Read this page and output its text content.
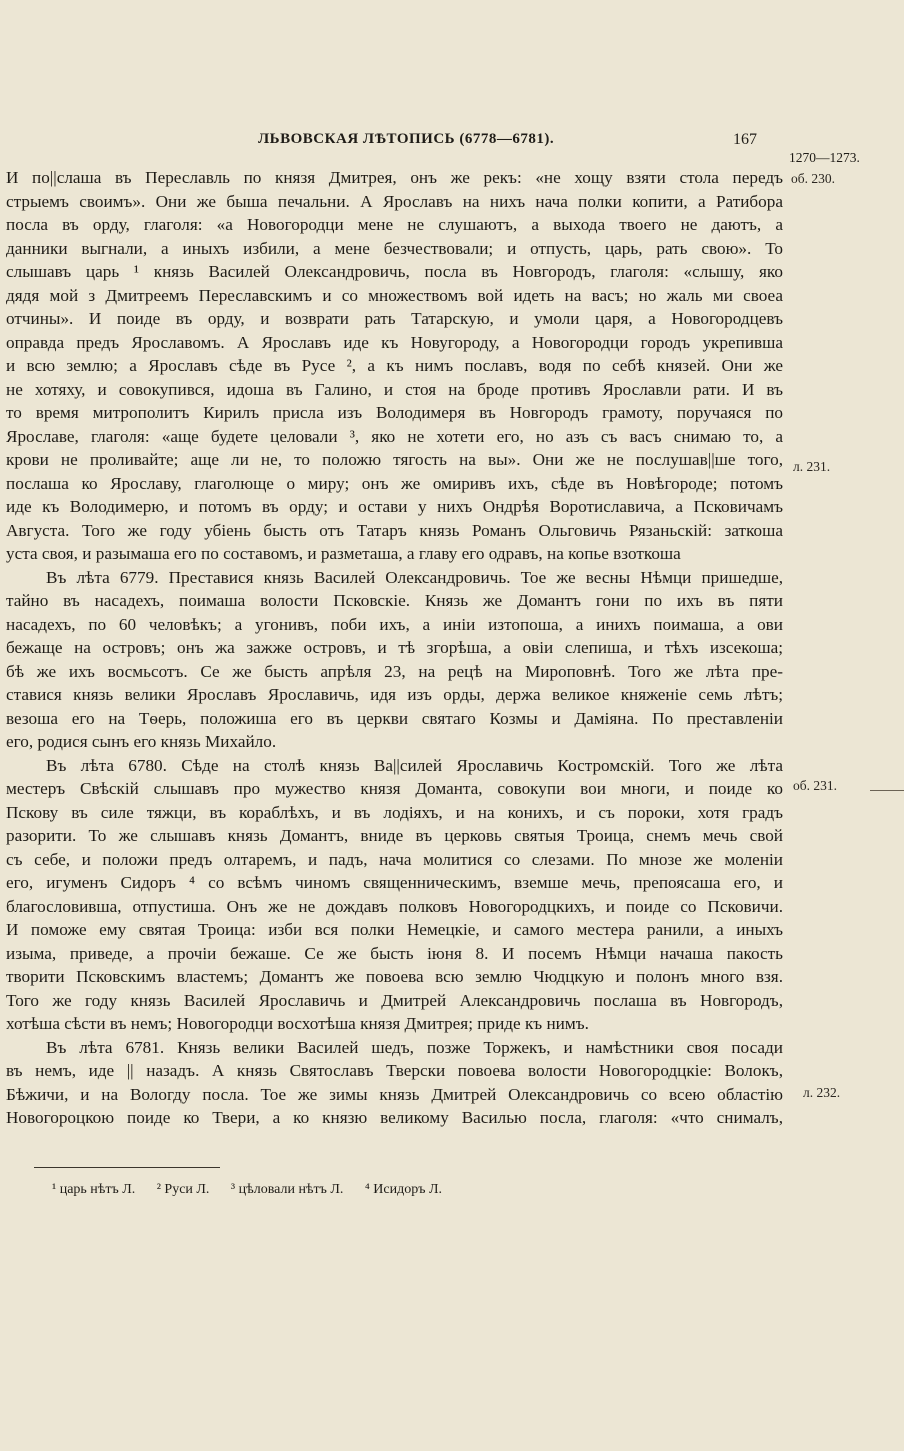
ЛЬВОВСКАЯ ЛѢТОПИСЬ (6778—6781).	167
1270—1273.
об. 230.
л. 231.
об. 231.
л. 232.
И по||слаша въ Переславль по князя Дмитрея, онъ же рекъ: «не хощу взяти стола передъ
стрыемъ своимъ». Они же быша печальни. А Ярославъ на нихъ нача полки копити, а Ратибора
посла въ орду, глаголя: «а Новогородци мене не слушаютъ, а выхода твоего не даютъ, а
данники выгнали, а иныхъ избили, а мене безчествовали; и отпусть, царь, рать свою». То
слышавъ царь ¹ князь Василей Олександровичь, посла въ Новгородъ, глаголя: «слышу, яко
дядя мой з Дмитреемъ Переславскимъ и со множествомъ вой идеть на васъ; но жаль ми своеа
отчины». И поиде въ орду, и возврати рать Татарскую, и умоли царя, а Новогородцевъ
оправда предъ Ярославомъ. А Ярославъ иде къ Новугороду, а Новогородци городъ укрепивша
и всю землю; а Ярославъ сѣде въ Русе ², а къ нимъ пославъ, водя по себѣ князей. Они же
не хотяху, и совокупився, идоша въ Галино, и стоя на броде противъ Ярославли рати. И въ
то время митрополитъ Кирилъ присла изъ Володимеря въ Новгородъ грамоту, поручаяся по
Ярославе, глаголя: «аще будете целовали ³, яко не хотети его, но азъ съ васъ снимаю то, а
крови не проливайте; аще ли не, то положю тягость на вы». Они же не послушав||ше того,
послаша ко Ярославу, глаголюще о миру; онъ же омиривъ ихъ, сѣде въ Новѣгороде; потомъ
иде къ Володимерю, и потомъ въ орду; и остави у нихъ Ондрѣя Воротиславича, а Псковичамъ
Августа. Того же году убіень бысть отъ Татаръ князь Романъ Ольговичь Рязаньскій: заткоша
уста своя, и разымаша его по составомъ, и разметаша, а главу его одравъ, на копье взоткоша
Въ лѣта 6779. Преставися князь Василей Олександровичь. Тое же весны Нѣмци пришедше,
тайно въ насадехъ, поимаша волости Псковскіе. Князь же Домантъ гони по ихъ въ пяти
насадехъ, по 60 человѣкъ; а угонивъ, поби ихъ, а иніи изтопоша, а инихъ поимаша, а ови
бежаще на островъ; онъ жа зажже островъ, и тѣ згорѣша, а овіи слепиша, и тѣхъ изсекоша;
бѣ же ихъ восмьсотъ. Се же бысть апрѣля 23, на рецѣ на Мироповнѣ. Того же лѣта пре-
ставися князь велики Ярославъ Ярославичь, идя изъ орды, держа великое княженіе семь лѣтъ;
везоша его на Тѳерь, положиша его въ церкви святаго Козмы и Даміяна. По преставленіи
его, родися сынъ его князь Михайло.
Въ лѣта 6780. Сѣде на столѣ князь Ва||силей Ярославичь Костромскій. Того же лѣта
местеръ Свѣскій слышавъ про мужество князя Доманта, совокупи вои многи, и поиде ко
Пскову въ силе тяжци, въ кораблѣхъ, и въ лодіяхъ, и на конихъ, и съ пороки, хотя градъ
разорити. То же слышавъ князь Домантъ, вниде въ церковь святыя Троица, снемъ мечь свой
съ себе, и положи предъ олтаремъ, и падъ, нача молитися со слезами. По мнозе же моленіи
его, игуменъ Сидоръ ⁴ со всѣмъ чиномъ священническимъ, вземше мечь, препоясаша его, и
благословивша, отпустиша. Онъ же не дождавъ полковъ Новогородцкихъ, и поиде со Псковичи.
И поможе ему святая Троица: изби вся полки Немецкіе, и самого местера ранили, а иныхъ
изыма, приведе, а прочіи бежаше. Се же бысть іюня 8. И посемъ Нѣмци начаша пакость
творити Псковскимъ властемъ; Домантъ же повоева всю землю Чюдцкую и полонъ много взя.
Того же году князь Василей Ярославичь и Дмитрей Александровичь послаша въ Новгородъ,
хотѣша сѣсти въ немъ; Новогородци восхотѣша князя Дмитрея; приде къ нимъ.
Въ лѣта 6781. Князь велики Василей шедъ, позже Торжекъ, и намѣстники своя посади
въ немъ, иде || назадъ. А князь Святославъ Тверски повоева волости Новогородцкіе: Волокъ,
Бѣжичи, и на Вологду посла. Тое же зимы князь Дмитрей Олександровичь со всею областію
Новогороцкою поиде ко Твери, а ко князю великому Василью посла, глаголя: «что снималъ,
¹ царь нѣтъ Л. ² Руси Л. ³ цѣловали нѣтъ Л. ⁴ Исидоръ Л.
